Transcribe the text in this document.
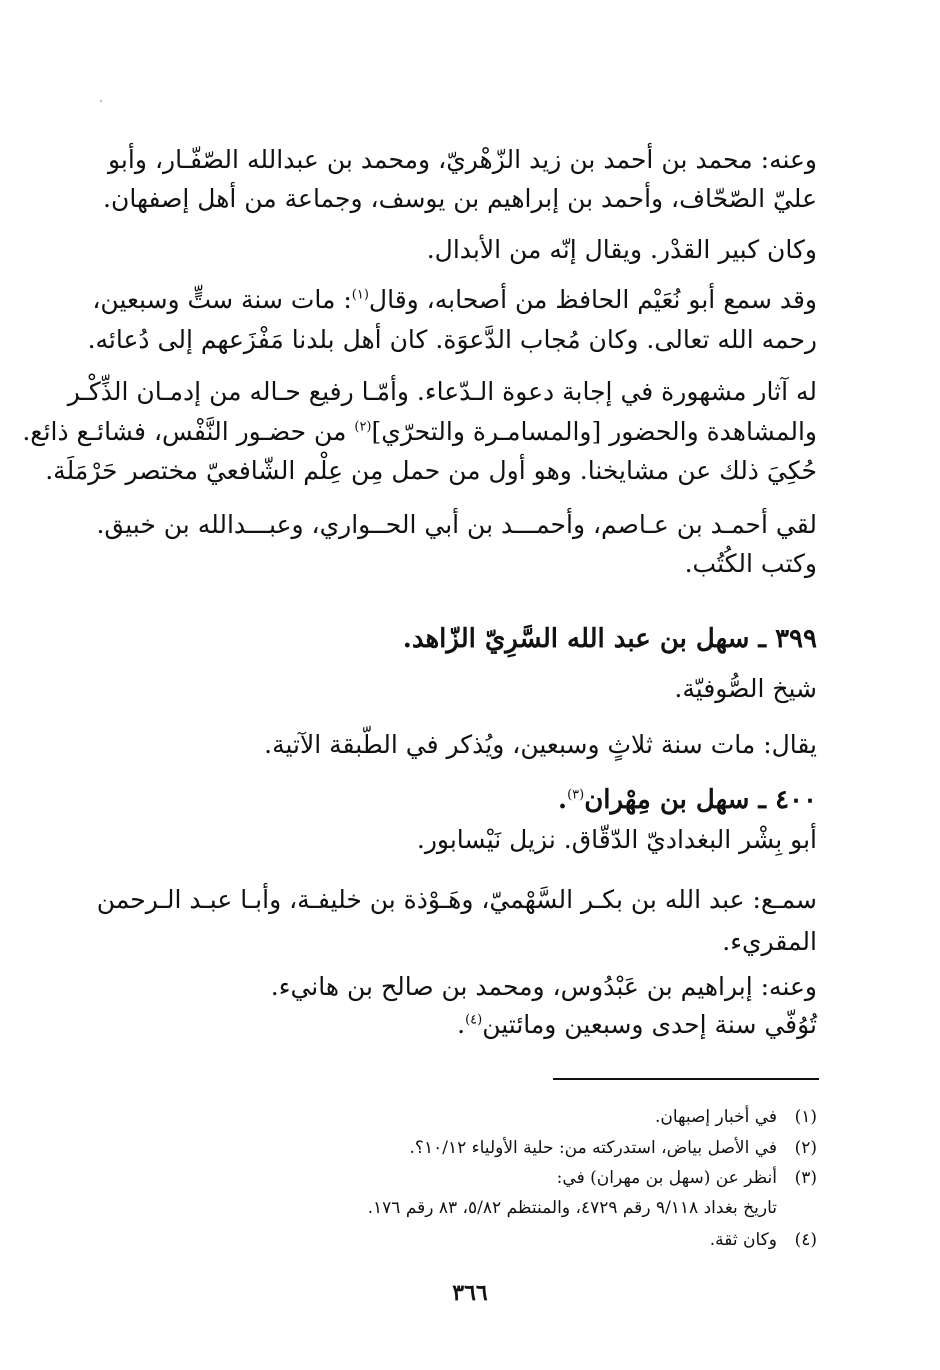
وعنه: محمد بن أحمد بن زيد الزّهْريّ، ومحمد بن عبدالله الصّفّـار، وأبو
عليّ الصّحّاف، وأحمد بن إبراهيم بن يوسف، وجماعة من أهل إصفهان.
وكان كبير القدْر. ويقال إنّه من الأبدال.
وقد سمع أبو نُعَيْم الحافظ من أصحابه، وقال$^{(١)}$: مات سنة ستٍّ وسبعين،
رحمه الله تعالى. وكان مُجاب الدَّعوَة. كان أهل بلدنا مَفْزَعهم إلى دُعائه.
له آثار مشهورة في إجابة دعوة الـدّعاء. وأمّـا رفيع حـاله من إدمـان الذِّكْـر
والمشاهدة والحضور [والمسامـرة والتحرّي]$^{(٢)}$ من حضـور النَّفْس، فشائـع ذائع.
حُكِيَ ذلك عن مشايخنا. وهو أول من حمل مِن عِلْم الشّافعيّ مختصر حَرْمَلَة.
لقي أحمـد بن عـاصم، وأحمـــد بن أبي الحــواري، وعبـــدالله بن خبيق.
وكتب الكُتُب.
٣٩٩ ـ سهل بن عبد الله السَّرِيّ الزّاهد.
شيخ الصُّوفيّة.
يقال: مات سنة ثلاثٍ وسبعين، ويُذكر في الطّبقة الآتية.
٤٠٠ ـ سهل بن مِهْران$^{(٣)}$.
أبو بِشْر البغداديّ الدّقّاق. نزيل نَيْسابور.
سمـع: عبد الله بن بكـر السَّهْميّ، وهَـوْذة بن خليفـة، وأبـا عبـد الـرحمن
المقريء.
وعنه: إبراهيم بن عَبْدُوس، ومحمد بن صالح بن هانيء.
تُوُفّي سنة إحدى وسبعين ومائتين$^{(٤)}$.
(١)في أخبار إصبهان.
(٢)في الأصل بياض، استدركته من: حلية الأولياء ١٠/١٢؟.
(٣)أنظر عن (سهل بن مهران) في:
تاريخ بغداد ٩/١١٨ رقم ٤٧٢٩، والمنتظم ٥/٨٢، ٨٣ رقم ١٧٦.
(٤)وكان ثقة.
٣٦٦
